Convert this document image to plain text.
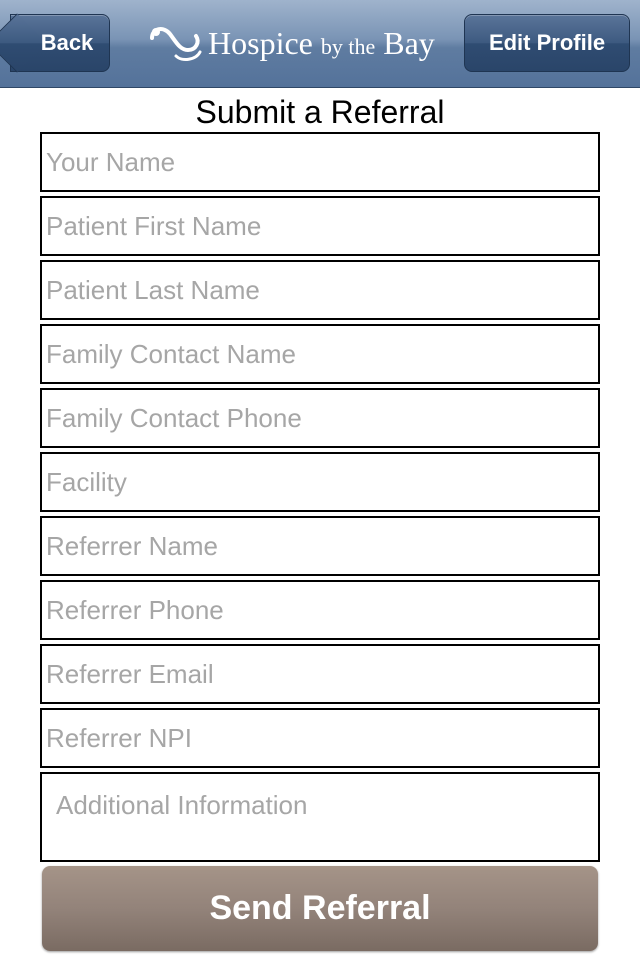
Back	Hospice by the Bay Edit Profile
Submit a Referral
Your Name
Patient First Name
Patient Last Name
Family Contact Name
Family Contact Phone
Facility
Referrer Name
Referrer Phone
Referrer Email
Referrer NPI
Additional Information
Send Referral
